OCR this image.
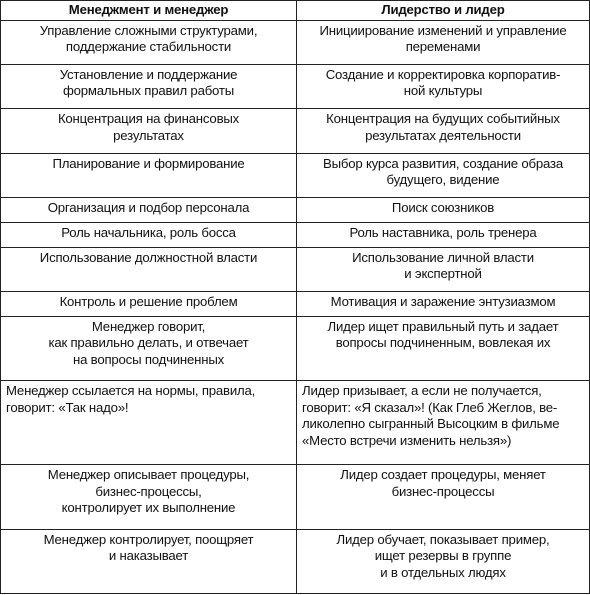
Менеджмент и менеджер	Лидерство и лидер

Управление сложными структурами,
поддержание стабильности	Инициирование изменений и управление
переменами

Установление и поддержание
формальных правил работы	Создание и корректировка корпоратив-
ной культуры

Концентрация на финансовых
результатах	Концентрация на будущих событийных
результатах деятельности

Планирование и формирование	Выбор курса развития, создание образа
будущего, видение

Организация и подбор персонала	Поиск союзников

Роль начальника, роль босса	Роль наставника, роль тренера

Использование должностной власти	Использование личной власти
и экспертной

Контроль и решение проблем	Мотивация и заражение энтузиазмом

Менеджер говорит,
как правильно делать, и отвечает
на вопросы подчиненных	Лидер ищет правильный путь и задает
вопросы подчиненным, вовлекая их

Менеджер ссылается на нормы, правила,
говорит: «Так надо»!	Лидер призывает, а если не получается,
говорит: «Я сказал»! (Как Глеб Жеглов, ве-
ликолепно сыгранный Высоцким в фильме
«Место встречи изменить нельзя»)

Менеджер описывает процедуры,
бизнес-процессы,
контролирует их выполнение	Лидер создает процедуры, меняет
бизнес-процессы

Менеджер контролирует, поощряет
и наказывает	Лидер обучает, показывает пример,
ищет резервы в группе
и в отдельных людях
